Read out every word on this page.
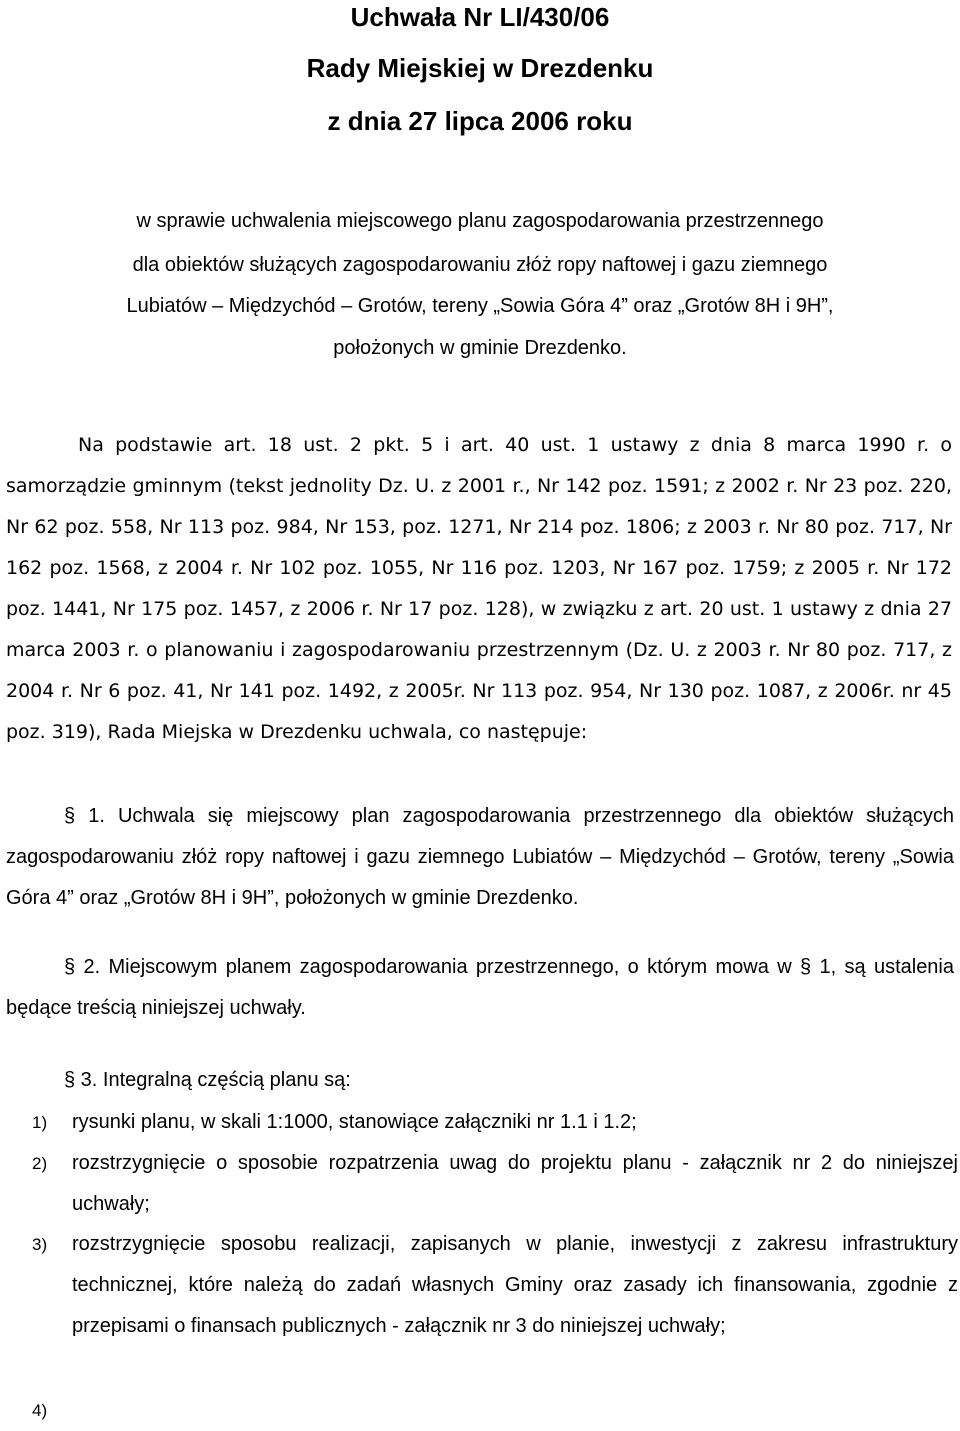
Uchwała Nr LI/430/06
Rady Miejskiej w Drezdenku
z dnia 27 lipca 2006 roku
w sprawie uchwalenia miejscowego planu zagospodarowania przestrzennego
dla obiektów służących zagospodarowaniu złóż ropy naftowej i gazu ziemnego
Lubiatów – Międzychód – Grotów, tereny „Sowia Góra 4” oraz „Grotów 8H i 9H”,
położonych w gminie Drezdenko.
Na podstawie art. 18 ust. 2 pkt. 5 i art. 40 ust. 1 ustawy z dnia 8 marca 1990 r. o samorządzie gminnym (tekst jednolity Dz. U. z 2001 r., Nr 142 poz. 1591; z 2002 r. Nr 23 poz. 220, Nr 62 poz. 558, Nr 113 poz. 984, Nr 153, poz. 1271, Nr 214 poz. 1806; z 2003 r. Nr 80 poz. 717, Nr 162 poz. 1568, z 2004 r. Nr 102 poz. 1055, Nr 116 poz. 1203, Nr 167 poz. 1759; z 2005 r. Nr 172 poz. 1441, Nr 175 poz. 1457, z 2006 r. Nr 17 poz. 128), w związku z art. 20 ust. 1 ustawy z dnia 27 marca 2003 r. o planowaniu i zagospodarowaniu przestrzennym (Dz. U. z 2003 r. Nr 80 poz. 717, z 2004 r. Nr 6 poz. 41, Nr 141 poz. 1492, z 2005r. Nr 113 poz. 954, Nr 130 poz. 1087, z 2006r. nr 45 poz. 319), Rada Miejska w Drezdenku uchwala, co następuje:
§ 1. Uchwala się miejscowy plan zagospodarowania przestrzennego dla obiektów służących zagospodarowaniu złóż ropy naftowej i gazu ziemnego Lubiatów – Międzychód – Grotów, tereny „Sowia Góra 4” oraz „Grotów 8H i 9H”, położonych w gminie Drezdenko.
§ 2. Miejscowym planem zagospodarowania przestrzennego, o którym mowa w § 1, są ustalenia będące treścią niniejszej uchwały.
§ 3. Integralną częścią planu są:
1) rysunki planu, w skali 1:1000, stanowiące załączniki nr 1.1 i 1.2;
2) rozstrzygnięcie o sposobie rozpatrzenia uwag do projektu planu - załącznik nr 2 do niniejszej uchwały;
3) rozstrzygnięcie sposobu realizacji, zapisanych w planie, inwestycji z zakresu infrastruktury technicznej, które należą do zadań własnych Gminy oraz zasady ich finansowania, zgodnie z przepisami o finansach publicznych - załącznik nr 3 do niniejszej uchwały;
4)
